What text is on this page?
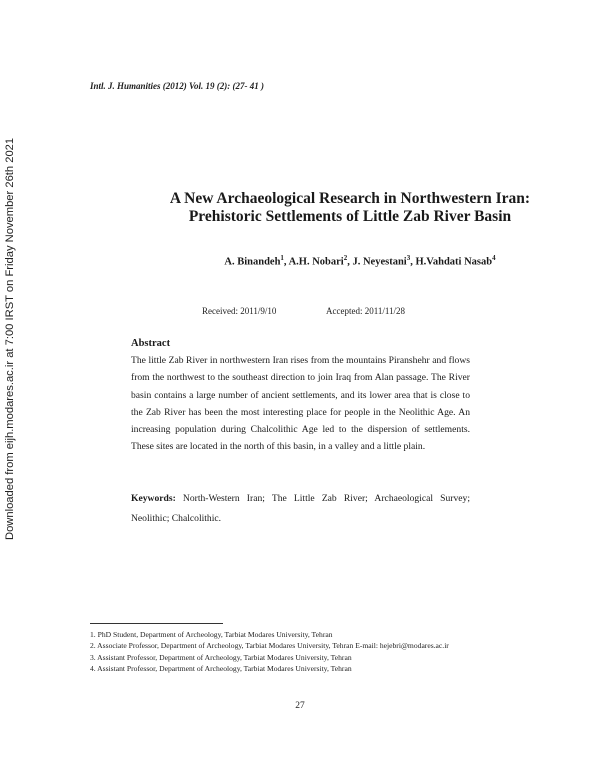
Downloaded from eijh.modares.ac.ir at 7:00 IRST on Friday November 26th 2021
Intl. J. Humanities (2012) Vol. 19 (2): (27- 41 )
A New Archaeological Research in Northwestern Iran:
Prehistoric Settlements of Little Zab River Basin
A. Binandeh$^1$, A.H. Nobari$^2$, J. Neyestani$^3$, H.Vahdati Nasab$^4$
Received: 2011/9/10	Accepted: 2011/11/28
Abstract
The little Zab River in northwestern Iran rises from the mountains Piranshehr and flows from the northwest to the southeast direction to join Iraq from Alan passage. The River basin contains a large number of ancient settlements, and its lower area that is close to the Zab River has been the most interesting place for people in the Neolithic Age. An increasing population during Chalcolithic Age led to the dispersion of settlements. These sites are located in the north of this basin, in a valley and a little plain.
Keywords: North-Western Iran; The Little Zab River; Archaeological Survey; Neolithic; Chalcolithic.
1. PhD Student, Department of Archeology, Tarbiat Modares University, Tehran
2. Associate Professor, Department of Archeology, Tarbiat Modares University, Tehran E-mail: hejebri@modares.ac.ir
3. Assistant Professor, Department of Archeology, Tarbiat Modares University, Tehran
4. Assistant Professor, Department of Archeology, Tarbiat Modares University, Tehran
27
